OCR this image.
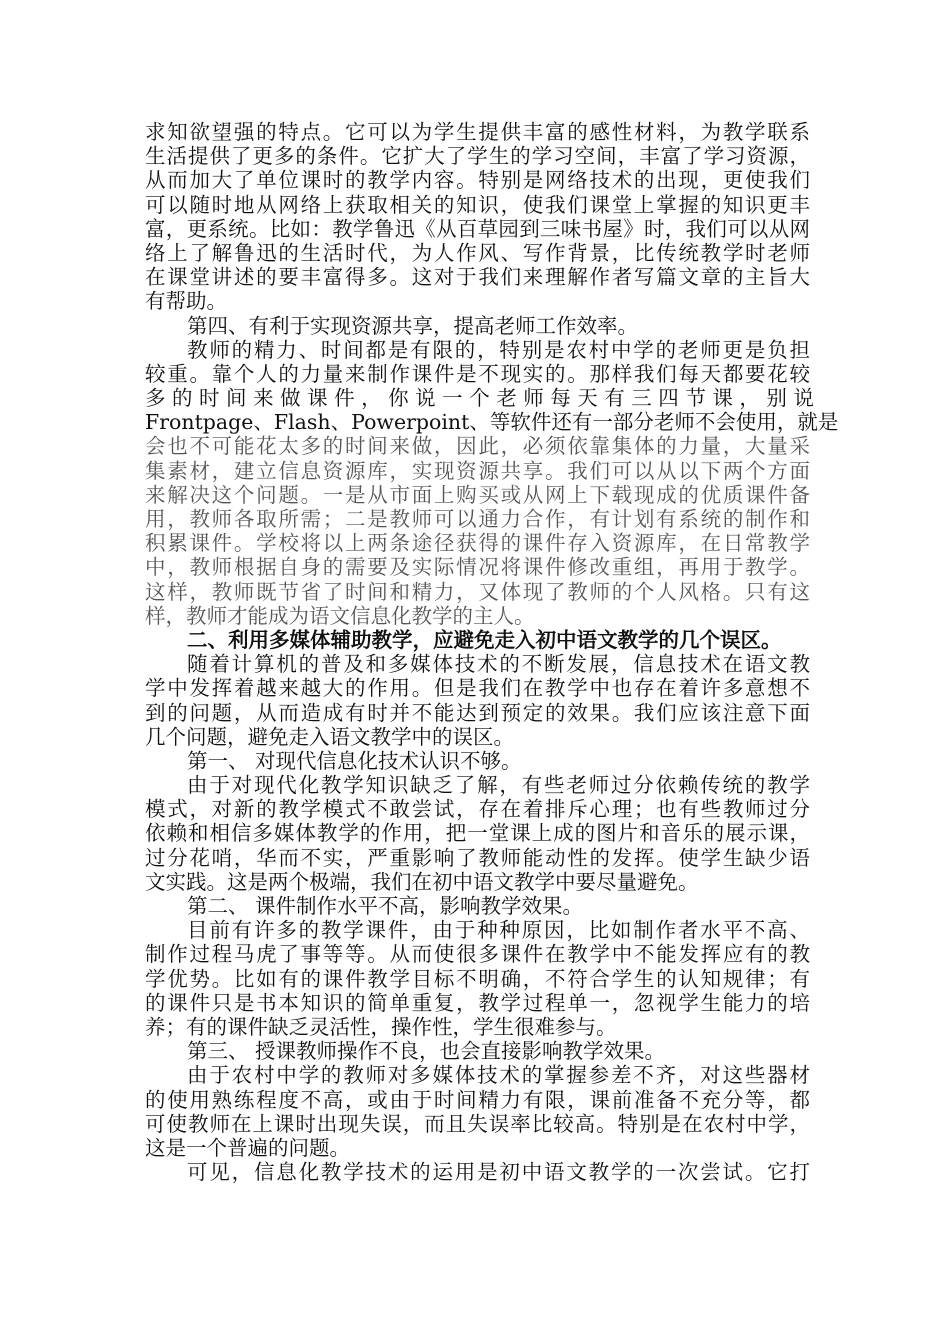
求知欲望强的特点。它可以为学生提供丰富的感性材料，为教学联系
生活提供了更多的条件。它扩大了学生的学习空间，丰富了学习资源，
从而加大了单位课时的教学内容。特别是网络技术的出现，更使我们
可以随时地从网络上获取相关的知识，使我们课堂上掌握的知识更丰
富，更系统。比如：教学鲁迅《从百草园到三味书屋》时，我们可以从网
络上了解鲁迅的生活时代，为人作风、写作背景，比传统教学时老师
在课堂讲述的要丰富得多。这对于我们来理解作者写篇文章的主旨大
有帮助。
第四、有利于实现资源共享，提高老师工作效率。
教师的精力、时间都是有限的，特别是农村中学的老师更是负担
较重。靠个人的力量来制作课件是不现实的。那样我们每天都要花较
多 的 时 间 来 做 课 件 ， 你 说 一 个 老 师 每 天 有 三 四 节 课 ， 别 说
Frontpage、Flash、Powerpoint、等软件还有一部分老师不会使用，就是
会也不可能花太多的时间来做，因此，必须依靠集体的力量，大量采
集素材，建立信息资源库，实现资源共享。我们可以从以下两个方面
来解决这个问题。一是从市面上购买或从网上下载现成的优质课件备
用，教师各取所需；二是教师可以通力合作，有计划有系统的制作和
积累课件。学校将以上两条途径获得的课件存入资源库，在日常教学
中，教师根据自身的需要及实际情况将课件修改重组，再用于教学。
这样，教师既节省了时间和精力，又体现了教师的个人风格。只有这
样，教师才能成为语文信息化教学的主人。
二、利用多媒体辅助教学，应避免走入初中语文教学的几个误区。
随着计算机的普及和多媒体技术的不断发展，信息技术在语文教
学中发挥着越来越大的作用。但是我们在教学中也存在着许多意想不
到的问题，从而造成有时并不能达到预定的效果。我们应该注意下面
几个问题，避免走入语文教学中的误区。
第一、 对现代信息化技术认识不够。
由于对现代化教学知识缺乏了解，有些老师过分依赖传统的教学
模式，对新的教学模式不敢尝试，存在着排斥心理；也有些教师过分
依赖和相信多媒体教学的作用，把一堂课上成的图片和音乐的展示课，
过分花哨，华而不实，严重影响了教师能动性的发挥。使学生缺少语
文实践。这是两个极端，我们在初中语文教学中要尽量避免。
第二、 课件制作水平不高，影响教学效果。
目前有许多的教学课件，由于种种原因，比如制作者水平不高、
制作过程马虎了事等等。从而使很多课件在教学中不能发挥应有的教
学优势。比如有的课件教学目标不明确，不符合学生的认知规律；有
的课件只是书本知识的简单重复，教学过程单一，忽视学生能力的培
养；有的课件缺乏灵活性，操作性，学生很难参与。
第三、 授课教师操作不良，也会直接影响教学效果。
由于农村中学的教师对多媒体技术的掌握参差不齐，对这些器材
的使用熟练程度不高，或由于时间精力有限，课前准备不充分等，都
可使教师在上课时出现失误，而且失误率比较高。特别是在农村中学，
这是一个普遍的问题。
可见，信息化教学技术的运用是初中语文教学的一次尝试。它打
